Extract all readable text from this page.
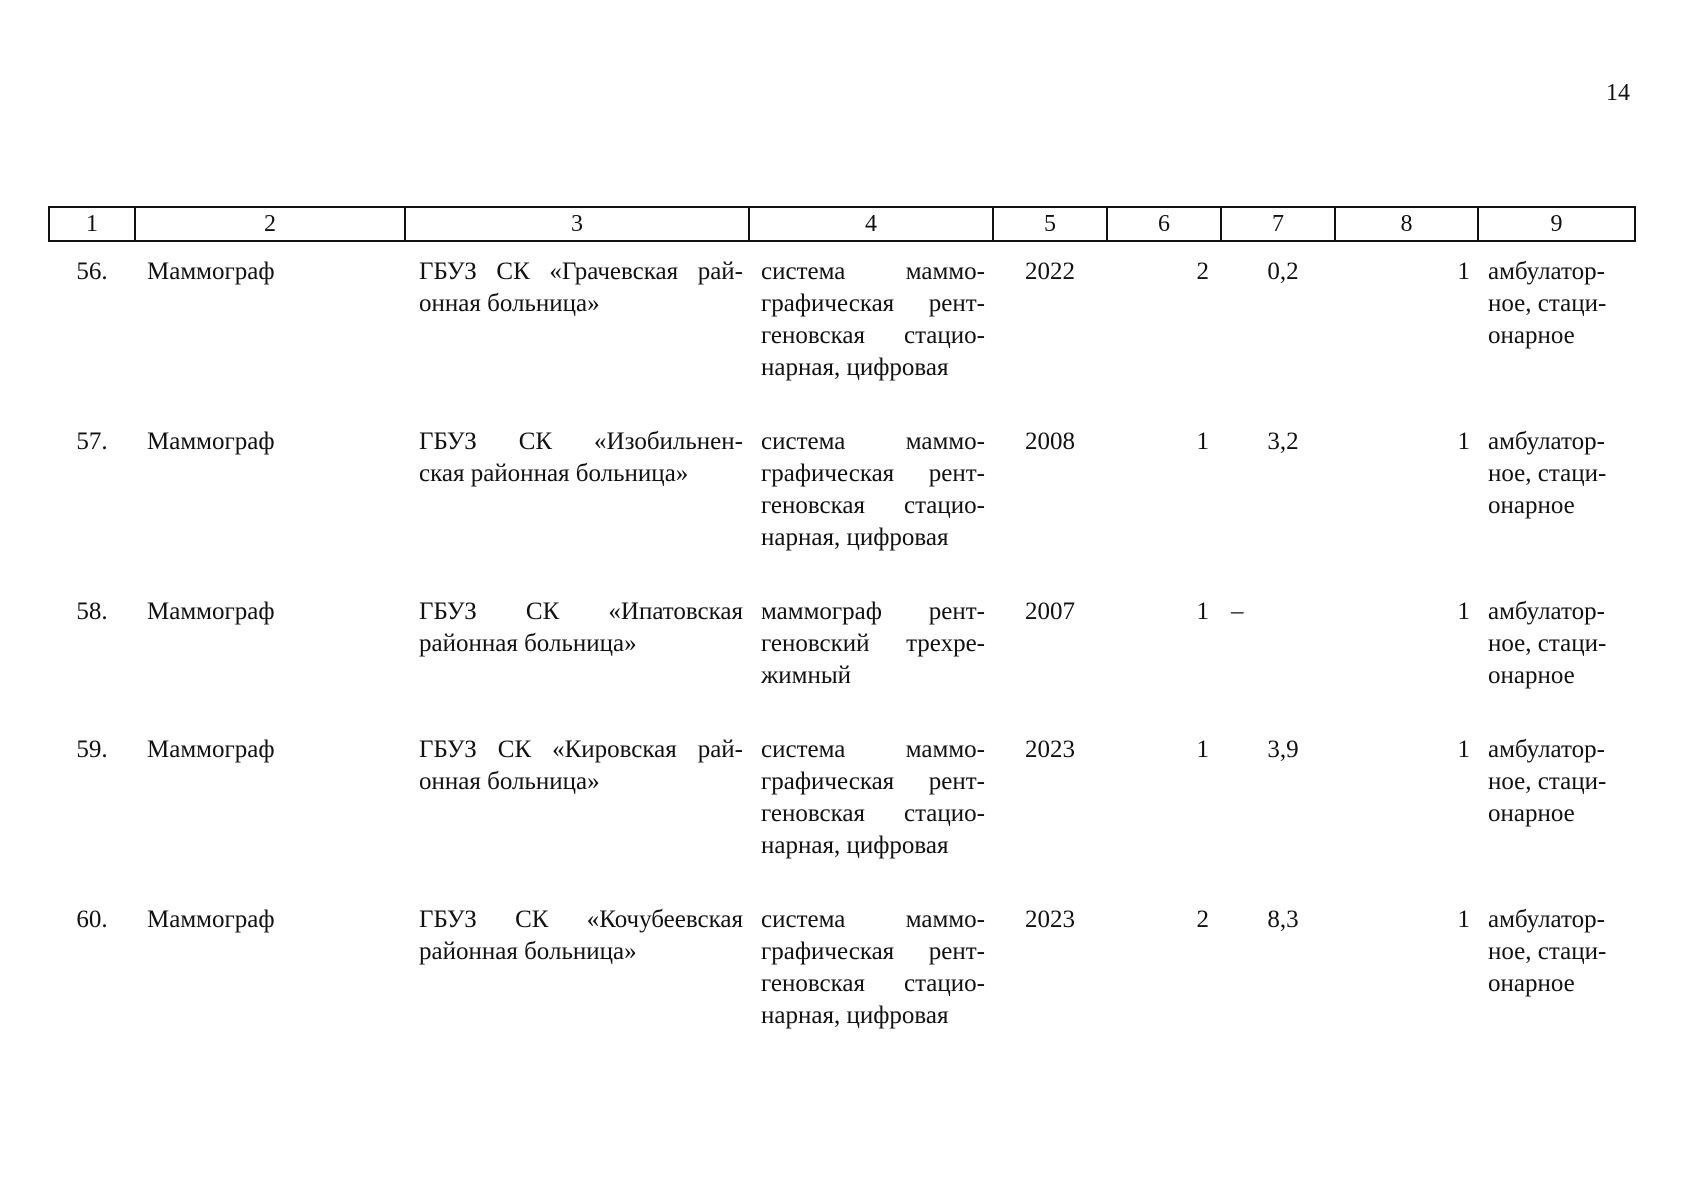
14
1	2	3	4	5	6	7	8	9
56.	Маммограф	ГБУЗ СК «Грачевская рай-
онная больница»	система маммо-
графическая рент-
геновская стацио-
нарная, цифровая	2022	2	0,2	1	амбулатор-
ное, стаци-
онарное

57.	Маммограф	ГБУЗ СК «Изобильнен-
ская районная больница»	система маммо-
графическая рент-
геновская стацио-
нарная, цифровая	2008	1	3,2	1	амбулатор-
ное, стаци-
онарное

58.	Маммограф	ГБУЗ СК «Ипатовская
районная больница»	маммограф рент-
геновский трехре-
жимный	2007	1	–	1	амбулатор-
ное, стаци-
онарное

59.	Маммограф	ГБУЗ СК «Кировская рай-
онная больница»	система маммо-
графическая рент-
геновская стацио-
нарная, цифровая	2023	1	3,9	1	амбулатор-
ное, стаци-
онарное

60.	Маммограф	ГБУЗ СК «Кочубеевская
районная больница»	система маммо-
графическая рент-
геновская стацио-
нарная, цифровая	2023	2	8,3	1	амбулатор-
ное, стаци-
онарное
